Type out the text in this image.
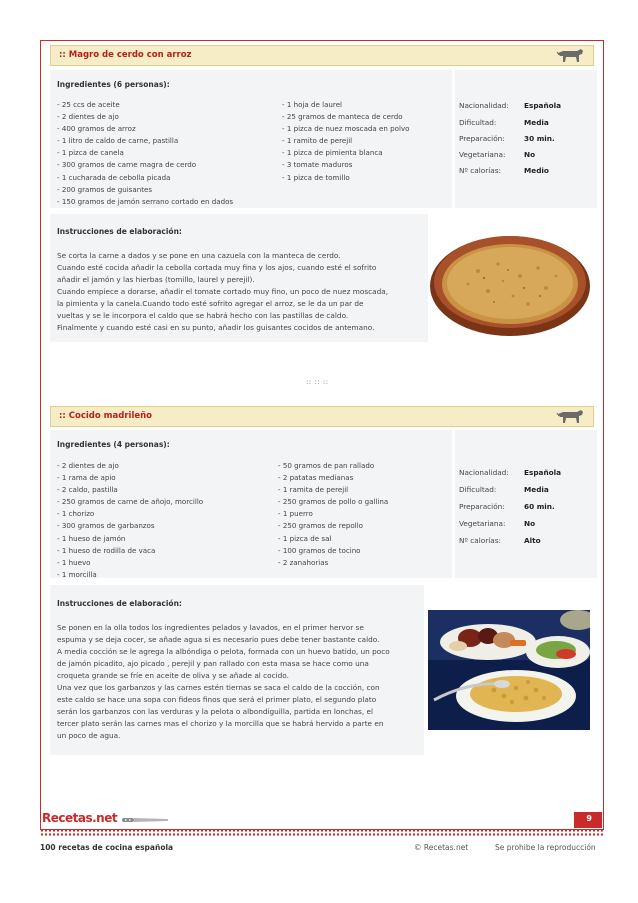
:: Magro de cerdo con arroz
Ingredientes (6 personas):
- 25 ccs de aceite
- 2 dientes de ajo
- 400 gramos de arroz
- 1 litro de caldo de carne, pastilla
- 1 pizca de canela
- 300 gramos de carne magra de cerdo
- 1 cucharada de cebolla picada
- 200 gramos de guisantes
- 150 gramos de jamón serrano cortado en dados
- 1 hoja de laurel
- 25 gramos de manteca de cerdo
- 1 pizca de nuez moscada en polvo
- 1 ramito de perejil
- 1 pizca de pimienta blanca
- 3 tomate maduros
- 1 pizca de tomillo
Nacionalidad:	Española
Dificultad:	Media
Preparación:	30 min.
Vegetariana:	No
Nº calorías:	Medio
Instrucciones de elaboración:

Se corta la carne a dados y se pone en una cazuela con la manteca de cerdo.

Cuando esté cocida añadir la cebolla cortada muy fina y los ajos, cuando esté el sofrito

añadir el jamón y las hierbas (tomillo, laurel y perejil).

Cuando empiece a dorarse, añadir el tomate cortado muy fino, un poco de nuez moscada,

la pimienta y la canela.Cuando todo esté sofrito agregar el arroz, se le da un par de

vueltas y se le incorpora el caldo que se habrá hecho con las pastillas de caldo.

Finalmente y cuando esté casi en su punto, añadir los guisantes cocidos de antemano.

:: :: ::
:: Cocido madrileño
Ingredientes (4 personas):
- 2 dientes de ajo
- 1 rama de apio
- 2 caldo, pastilla
- 250 gramos de carne de añojo, morcillo
- 1 chorizo
- 300 gramos de garbanzos
- 1 hueso de jamón
- 1 hueso de rodilla de vaca
- 1 huevo
- 1 morcilla
- 50 gramos de pan rallado
- 2 patatas medianas
- 1 ramita de perejil
- 250 gramos de pollo o gallina
- 1 puerro
- 250 gramos de repollo
- 1 pizca de sal
- 100 gramos de tocino
- 2 zanahorias
Nacionalidad:	Española
Dificultad:	Media
Preparación:	60 min.
Vegetariana:	No
Nº calorías:	Alto
Instrucciones de elaboración:

Se ponen en la olla todos los ingredientes pelados y lavados, en el primer hervor se

espuma y se deja cocer, se añade agua si es necesario pues debe tener bastante caldo.

A media cocción se le agrega la albóndiga o pelota, formada con un huevo batido, un poco

de jamón picadito, ajo picado , perejil y pan rallado con esta masa se hace como una

croqueta grande se fríe en aceite de oliva y se añade al cocido.

Una vez que los garbanzos y las carnes estén tiernas se saca el caldo de la cocción, con

este caldo se hace una sopa con fideos finos que será el primer plato, el segundo plato

serán los garbanzos con las verduras y la pelota o albondiguilla, partida en lonchas, el

tercer plato serán las carnes mas el chorizo y la morcilla que se habrá hervido a parte en

un poco de agua.

Recetas.net	9
100 recetas de cocina española	© Recetas.net	Se prohibe la reproducción
